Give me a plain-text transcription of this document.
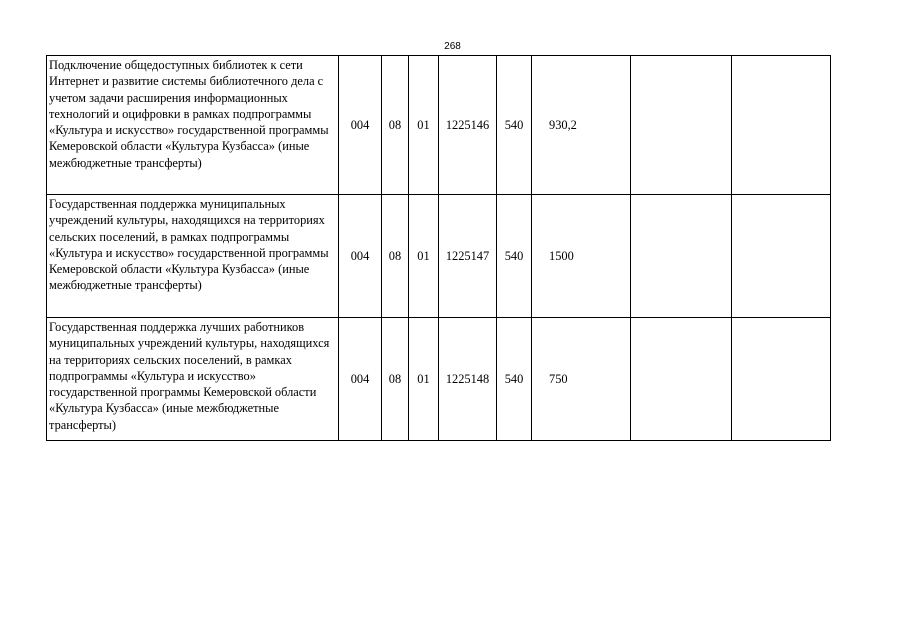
268
Подключение общедоступных библиотек к сети Интернет и развитие системы библиотечного дела с учетом задачи расширения информационных технологий и оцифровки в рамках подпрограммы «Культура и искусство» государственной программы Кемеровской области «Культура Кузбасса» (иные межбюджетные трансферты)	004	08	01	1225146	540	930,2		
Государственная поддержка муниципальных учреждений культуры, находящихся на территориях сельских поселений, в рамках подпрограммы «Культура и искусство» государственной программы Кемеровской области «Культура Кузбасса» (иные межбюджетные трансферты)	004	08	01	1225147	540	1500		
Государственная поддержка лучших работников муниципальных учреждений культуры, находящихся на территориях сельских поселений, в рамках подпрограммы «Культура и искусство» государственной программы Кемеровской области «Культура Кузбасса» (иные межбюджетные трансферты)	004	08	01	1225148	540	750		
